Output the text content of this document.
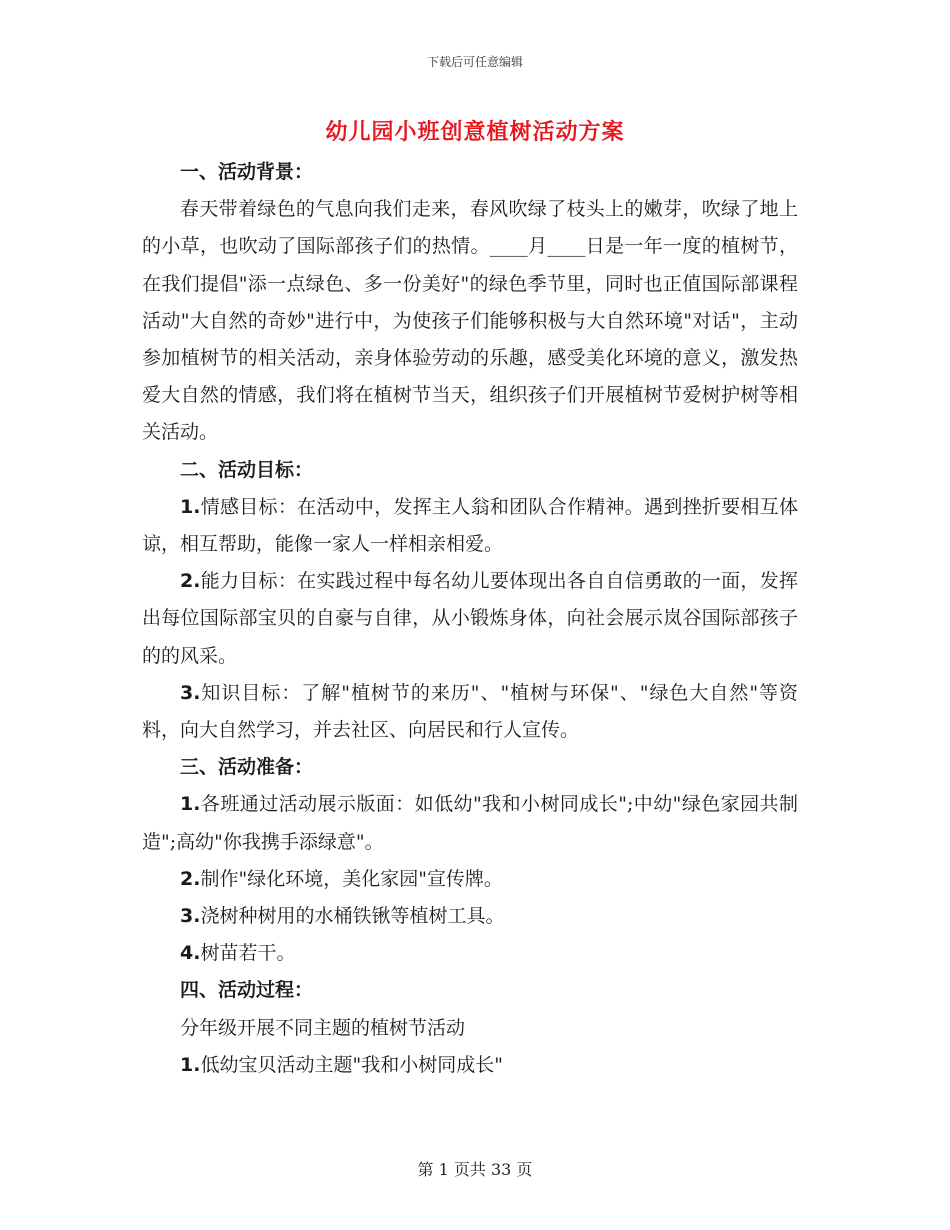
下载后可任意编辑
幼儿园小班创意植树活动方案

一、活动背景：

春天带着绿色的气息向我们走来，春风吹绿了枝头上的嫩芽，吹绿了地上的小草，也吹动了国际部孩子们的热情。____月____日是一年一度的植树节，在我们提倡"添一点绿色、多一份美好"的绿色季节里，同时也正值国际部课程活动"大自然的奇妙"进行中，为使孩子们能够积极与大自然环境"对话"，主动参加植树节的相关活动，亲身体验劳动的乐趣，感受美化环境的意义，激发热爱大自然的情感，我们将在植树节当天，组织孩子们开展植树节爱树护树等相关活动。

二、活动目标：

1.情感目标：在活动中，发挥主人翁和团队合作精神。遇到挫折要相互体谅，相互帮助，能像一家人一样相亲相爱。

2.能力目标：在实践过程中每名幼儿要体现出各自自信勇敢的一面，发挥出每位国际部宝贝的自豪与自律，从小锻炼身体，向社会展示岚谷国际部孩子的的风采。

3.知识目标：了解"植树节的来历"、"植树与环保"、"绿色大自然"等资料，向大自然学习，并去社区、向居民和行人宣传。

三、活动准备：

1.各班通过活动展示版面：如低幼"我和小树同成长";中幼"绿色家园共制造";高幼"你我携手添绿意"。

2.制作"绿化环境，美化家园"宣传牌。

3.浇树种树用的水桶铁锹等植树工具。

4.树苗若干。

四、活动过程：

分年级开展不同主题的植树节活动

1.低幼宝贝活动主题"我和小树同成长"

第 1 页共 33 页
